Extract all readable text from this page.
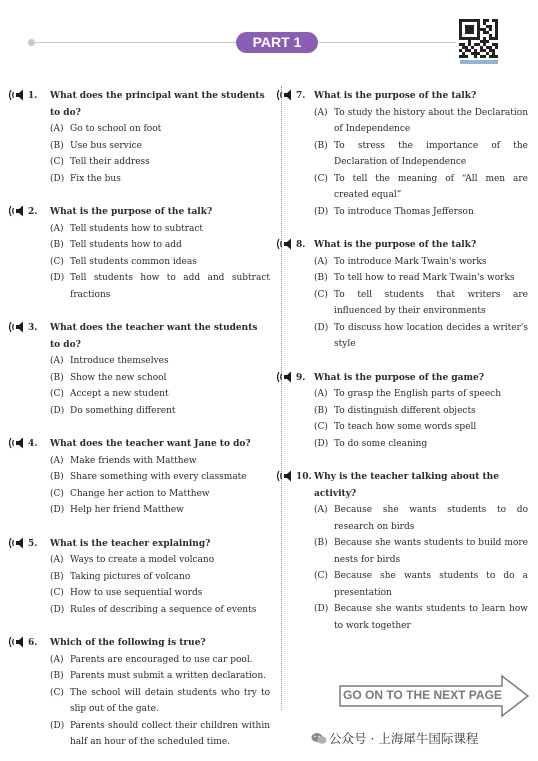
PART 1
1.	What does the principal want the students to do?
(A) Go to school on foot
(B) Use bus service
(C) Tell their address
(D) Fix the bus
2.	What is the purpose of the talk?
(A) Tell students how to subtract
(B) Tell students how to add
(C) Tell students common ideas
(D) Tell students how to add and subtract fractions
3.	What does the teacher want the students to do?
(A) Introduce themselves
(B) Show the new school
(C) Accept a new student
(D) Do something different
4.	What does the teacher want Jane to do?
(A) Make friends with Matthew
(B) Share something with every classmate
(C) Change her action to Matthew
(D) Help her friend Matthew
5.	What is the teacher explaining?
(A) Ways to create a model volcano
(B) Taking pictures of volcano
(C) How to use sequential words
(D) Rules of describing a sequence of events
6.	Which of the following is true?
(A) Parents are encouraged to use car pool.
(B) Parents must submit a written declaration.
(C) The school will detain students who try to slip out of the gate.
(D) Parents should collect their children within half an hour of the scheduled time.
7. What is the purpose of the talk?
(A) To study the history about the Declaration of Independence
(B) To stress the importance of the Declaration of Independence
(C) To tell the meaning of “All men are created equal”
(D) To introduce Thomas Jefferson
8. What is the purpose of the talk?
(A) To introduce Mark Twain's works
(B) To tell how to read Mark Twain's works
(C) To tell students that writers are influenced by their environments
(D) To discuss how location decides a writer's style
9. What is the purpose of the game?
(A) To grasp the English parts of speech
(B) To distinguish different objects
(C) To teach how some words spell
(D) To do some cleaning
10. Why is the teacher talking about the activity?
(A) Because she wants students to do research on birds
(B) Because she wants students to build more nests for birds
(C) Because she wants students to do a presentation
(D) Because she wants students to learn how to work together
GO ON TO THE NEXT PAGE
公众号 · 上海犀牛国际课程
